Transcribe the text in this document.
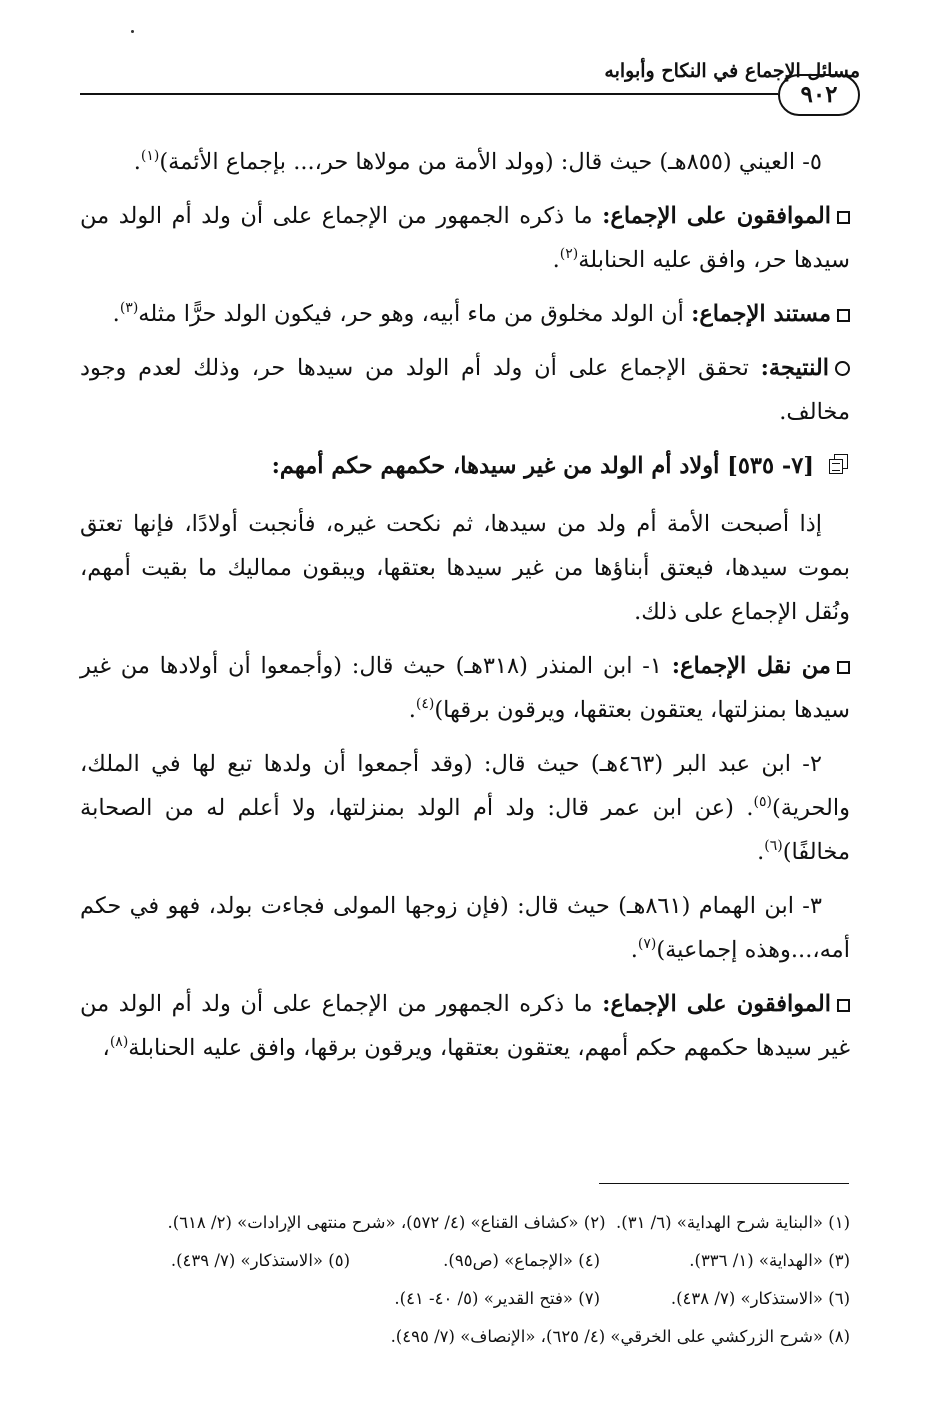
مسائل الإجماع في النكاح وأبوابه
٩٠٢

٥- العيني (٨٥٥هـ) حيث قال: (وولد الأمة من مولاها حر،... بإجماع الأئمة)$^{(١)}$.

الموافقون على الإجماع: ما ذكره الجمهور من الإجماع على أن ولد أم الولد من سيدها حر، وافق عليه الحنابلة$^{(٢)}$.

مستند الإجماع: أن الولد مخلوق من ماء أبيه، وهو حر، فيكون الولد حرًّا مثله$^{(٣)}$.

النتيجة: تحقق الإجماع على أن ولد أم الولد من سيدها حر، وذلك لعدم وجود مخالف.

[٧- ٥٣٥] أولاد أم الولد من غير سيدها، حكمهم حكم أمهم:

إذا أصبحت الأمة أم ولد من سيدها، ثم نكحت غيره، فأنجبت أولادًا، فإنها تعتق بموت سيدها، فيعتق أبناؤها من غير سيدها بعتقها، ويبقون مماليك ما بقيت أمهم، ونُقل الإجماع على ذلك.

من نقل الإجماع: ١- ابن المنذر (٣١٨هـ) حيث قال: (وأجمعوا أن أولادها من غير سيدها بمنزلتها، يعتقون بعتقها، ويرقون برقها)$^{(٤)}$.

٢- ابن عبد البر (٤٦٣هـ) حيث قال: (وقد أجمعوا أن ولدها تبع لها في الملك، والحرية)$^{(٥)}$. (عن ابن عمر قال: ولد أم الولد بمنزلتها، ولا أعلم له من الصحابة مخالفًا)$^{(٦)}$.

٣- ابن الهمام (٨٦١هـ) حيث قال: (فإن زوجها المولى فجاءت بولد، فهو في حكم أمه،...وهذه إجماعية)$^{(٧)}$.

الموافقون على الإجماع: ما ذكره الجمهور من الإجماع على أن ولد أم الولد من غير سيدها حكمهم حكم أمهم، يعتقون بعتقها، ويرقون برقها، وافق عليه الحنابلة$^{(٨)}$،

(١) «البناية شرح الهداية» (٦/ ٣١).

(٢) «كشاف القناع» (٤/ ٥٧٢)، «شرح منتهى الإرادات» (٢/ ٦١٨).
(٣) «الهداية» (١/ ٣٣٦).
(٤) «الإجماع» (ص٩٥).
(٥) «الاستذكار» (٧/ ٤٣٩).
(٦) «الاستذكار» (٧/ ٤٣٨).
(٧) «فتح القدير» (٥/ ٤٠- ٤١).
(٨) «شرح الزركشي على الخرقي» (٤/ ٦٢٥)، «الإنصاف» (٧/ ٤٩٥).
